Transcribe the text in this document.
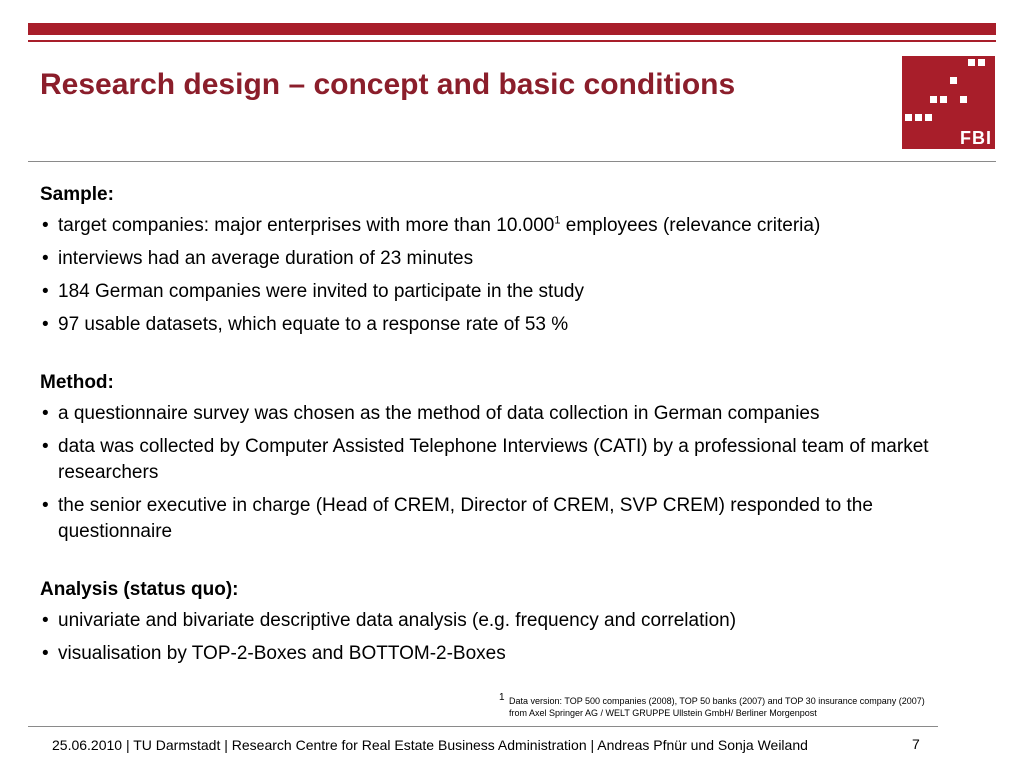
Research design – concept and basic conditions
FBI
Sample:
• target companies: major enterprises with more than 10.000$^1$ employees (relevance criteria)
• interviews had an average duration of 23 minutes
• 184 German companies were invited to participate in the study
• 97 usable datasets, which equate to a response rate of 53 %
Method:
• a questionnaire survey was chosen as the method of data collection in German companies
• data was collected by Computer Assisted Telephone Interviews (CATI) by a professional team of market researchers
• the senior executive in charge (Head of CREM, Director of CREM, SVP CREM) responded to the questionnaire
Analysis (status quo):
• univariate and bivariate descriptive data analysis (e.g. frequency and correlation)
• visualisation by TOP-2-Boxes and BOTTOM-2-Boxes
1 Data version: TOP 500 companies (2008), TOP 50 banks (2007) and TOP 30 insurance company (2007)
from Axel Springer AG / WELT GRUPPE Ullstein GmbH/ Berliner Morgenpost
25.06.2010 | TU Darmstadt | Research Centre for Real Estate Business Administration | Andreas Pfnür und Sonja Weiland	7
